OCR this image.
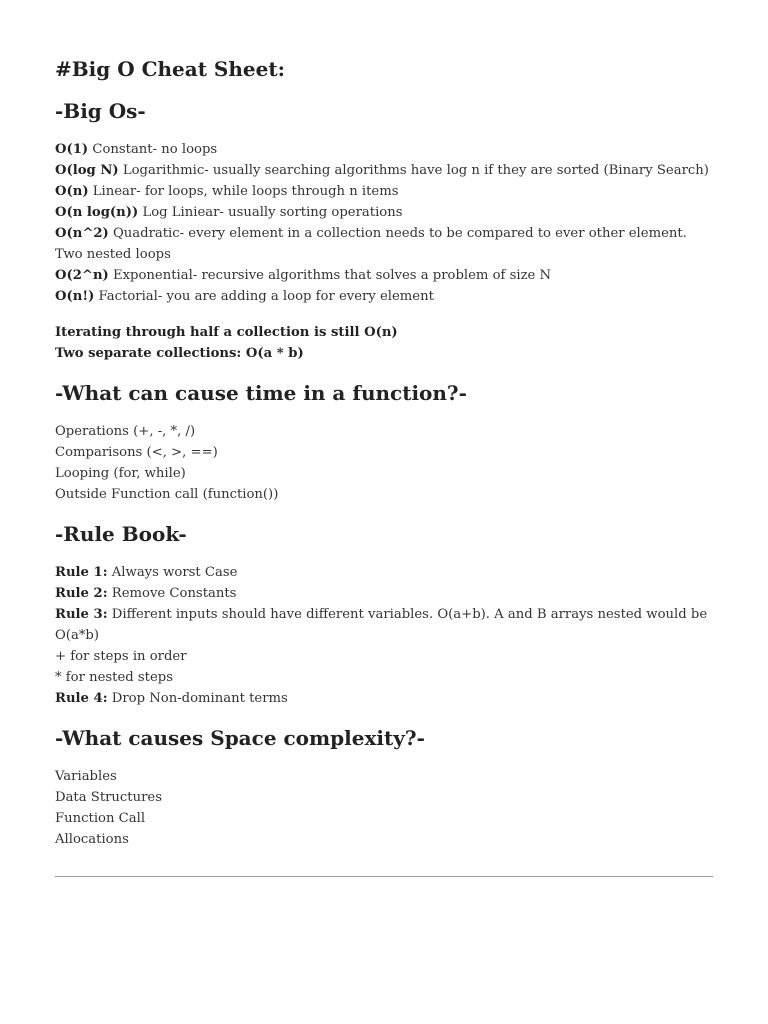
#Big O Cheat Sheet:
-Big Os-
O(1) Constant- no loops
O(log N) Logarithmic- usually searching algorithms have log n if they are sorted (Binary Search)
O(n) Linear- for loops, while loops through n items
O(n log(n)) Log Liniear- usually sorting operations
O(n^2) Quadratic- every element in a collection needs to be compared to ever other element. Two nested loops
O(2^n) Exponential- recursive algorithms that solves a problem of size N
O(n!) Factorial- you are adding a loop for every element
Iterating through half a collection is still O(n)
Two separate collections: O(a * b)
-What can cause time in a function?-
Operations (+, -, *, /)
Comparisons (<, >, ==)
Looping (for, while)
Outside Function call (function())
-Rule Book-
Rule 1: Always worst Case
Rule 2: Remove Constants
Rule 3: Different inputs should have different variables. O(a+b). A and B arrays nested would be O(a*b)
+ for steps in order
* for nested steps
Rule 4: Drop Non-dominant terms
-What causes Space complexity?-
Variables
Data Structures
Function Call
Allocations
